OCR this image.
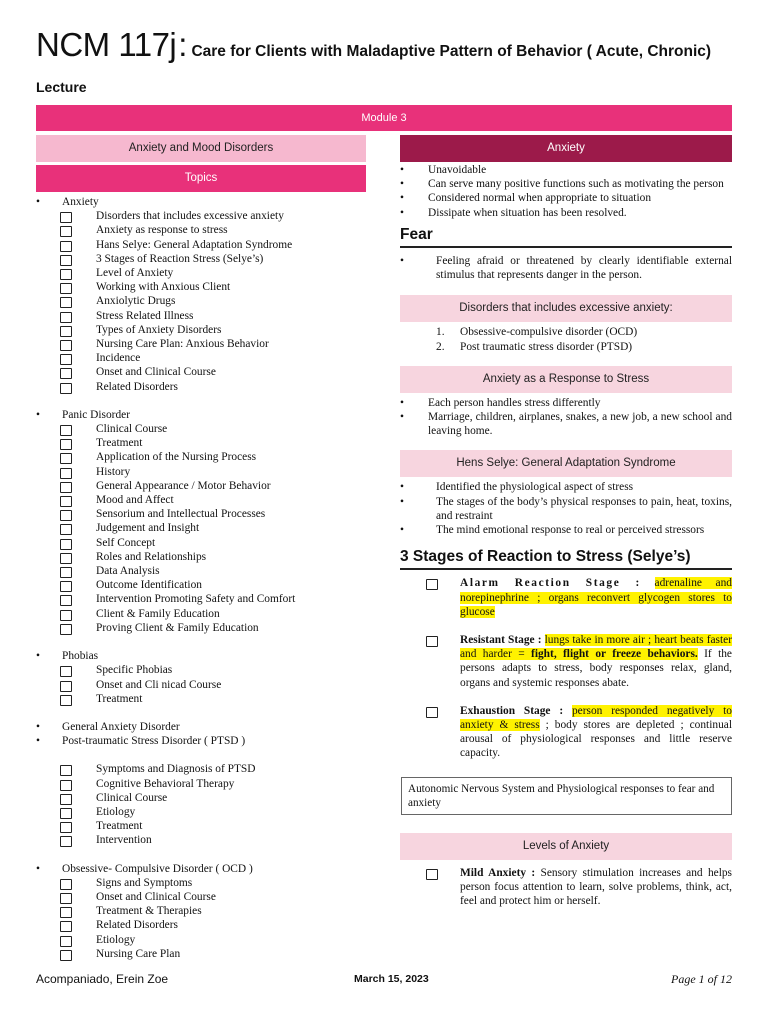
NCM 117j: Care for Clients with Maladaptive Pattern of Behavior ( Acute, Chronic)
Lecture
Module 3
Anxiety and Mood Disorders
Topics
• Anxiety
Disorders that includes excessive anxiety
Anxiety as response to stress
Hans Selye: General Adaptation Syndrome
3 Stages of Reaction Stress (Selye’s)
Level of Anxiety
Working with Anxious Client
Anxiolytic Drugs
Stress Related Illness
Types of Anxiety Disorders
Nursing Care Plan: Anxious Behavior
Incidence
Onset and Clinical Course
Related Disorders
• Panic Disorder
Clinical Course
Treatment
Application of the Nursing Process
History
General Appearance / Motor Behavior
Mood and Affect
Sensorium and Intellectual Processes
Judgement and Insight
Self Concept
Roles and Relationships
Data Analysis
Outcome Identification
Intervention Promoting Safety and Comfort
Client & Family Education
Proving Client & Family Education
• Phobias
Specific Phobias
Onset and Cli nicad Course
Treatment
• General Anxiety Disorder
• Post-traumatic Stress Disorder ( PTSD )
Symptoms and Diagnosis of PTSD
Cognitive Behavioral Therapy
Clinical Course
Etiology
Treatment
Intervention
• Obsessive- Compulsive Disorder ( OCD )
Signs and Symptoms
Onset and Clinical Course
Treatment & Therapies
Related Disorders
Etiology
Nursing Care Plan
Anxiety
• Unavoidable
• Can serve many positive functions such as motivating the person
• Considered normal when appropriate to situation
• Dissipate when situation has been resolved.
Fear
• Feeling afraid or threatened by clearly identifiable external stimulus that represents danger in the person.
Disorders that includes excessive anxiety:
1. Obsessive-compulsive disorder (OCD)
2. Post traumatic stress disorder (PTSD)
Anxiety as a Response to Stress
• Each person handles stress differently
• Marriage, children, airplanes, snakes, a new job, a new school and leaving home.
Hens Selye: General Adaptation Syndrome
• Identified the physiological aspect of stress
• The stages of the body’s physical responses to pain, heat, toxins, and restraint
• The mind emotional response to real or perceived stressors
3 Stages of Reaction to Stress (Selye’s)
Alarm Reaction Stage : adrenaline and norepinephrine ; organs reconvert glycogen stores to glucose
Resistant Stage : lungs take in more air ; heart beats faster and harder = fight, flight or freeze behaviors. If the persons adapts to stress, body responses relax, gland, organs and systemic responses abate.
Exhaustion Stage : person responded negatively to anxiety & stress ; body stores are depleted ; continual arousal of physiological responses and little reserve capacity.
Autonomic Nervous System and Physiological responses to fear and anxiety
Levels of Anxiety
Mild Anxiety : Sensory stimulation increases and helps person focus attention to learn, solve problems, think, act, feel and protect him or herself.
Acompaniado, Erein Zoe	March 15, 2023	Page 1 of 12
